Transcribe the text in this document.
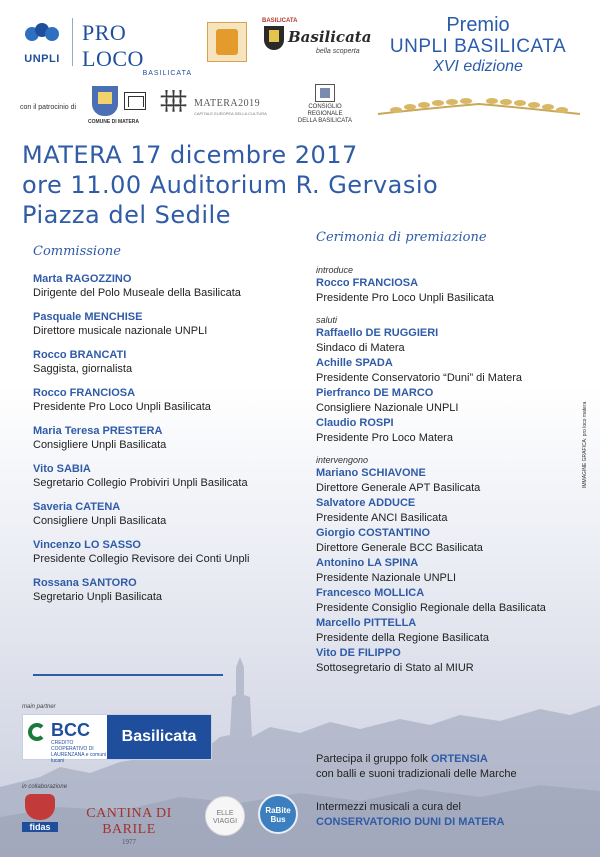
UNPLI
PRO LOCO
BASILICATA
BASILICATA
Basilicata
bella scoperta
Premio
UNPLI BASILICATA
XVI edizione
con il patrocinio di
COMUNE DI MATERA
‡‡‡ MATERA2019
CAPITALE EUROPEA DELLA CULTURA
CONSIGLIO REGIONALE
DELLA BASILICATA
MATERA 17 dicembre 2017
ore 11.00 Auditorium R. Gervasio
Piazza del Sedile
Commissione
Marta RAGOZZINO
Dirigente del Polo Museale della Basilicata
Pasquale MENCHISE
Direttore musicale nazionale UNPLI
Rocco BRANCATI
Saggista, giornalista
Rocco FRANCIOSA
Presidente Pro Loco Unpli Basilicata
Maria Teresa PRESTERA
Consigliere Unpli Basilicata
Vito SABIA
Segretario Collegio Probiviri Unpli Basilicata
Saveria CATENA
Consigliere Unpli Basilicata
Vincenzo LO SASSO
Presidente Collegio Revisore dei Conti Unpli
Rossana SANTORO
Segretario Unpli Basilicata
Cerimonia di premiazione
introduce
Rocco FRANCIOSA
Presidente Pro Loco Unpli Basilicata
saluti
Raffaello DE RUGGIERI
Sindaco di Matera
Achille SPADA
Presidente Conservatorio “Duni” di Matera
Pierfranco DE MARCO
Consigliere Nazionale UNPLI
Claudio ROSPI
Presidente Pro Loco Matera
intervengono
Mariano SCHIAVONE
Direttore Generale APT Basilicata
Salvatore ADDUCE
Presidente ANCI Basilicata
Giorgio COSTANTINO
Direttore Generale BCC Basilicata
Antonino LA SPINA
Presidente Nazionale UNPLI
Francesco MOLLICA
Presidente Consiglio Regionale della Basilicata
Marcello PITTELLA
Presidente della Regione Basilicata
Vito DE FILIPPO
Sottosegretario di Stato al MIUR
main partner
BCC
CREDITO COOPERATIVO DI LAURENZANA e comuni lucani
Basilicata
in collaborazione
fidas
CANTINA DI BARILE
1977
ELLE VIAGGI
RaBite Bus
Partecipa il gruppo folk ORTENSIA
con balli e suoni tradizionali delle Marche
Intermezzi musicali a cura del
CONSERVATORIO DUNI DI MATERA
IMMAGINE GRAFICA: pro loco matera
